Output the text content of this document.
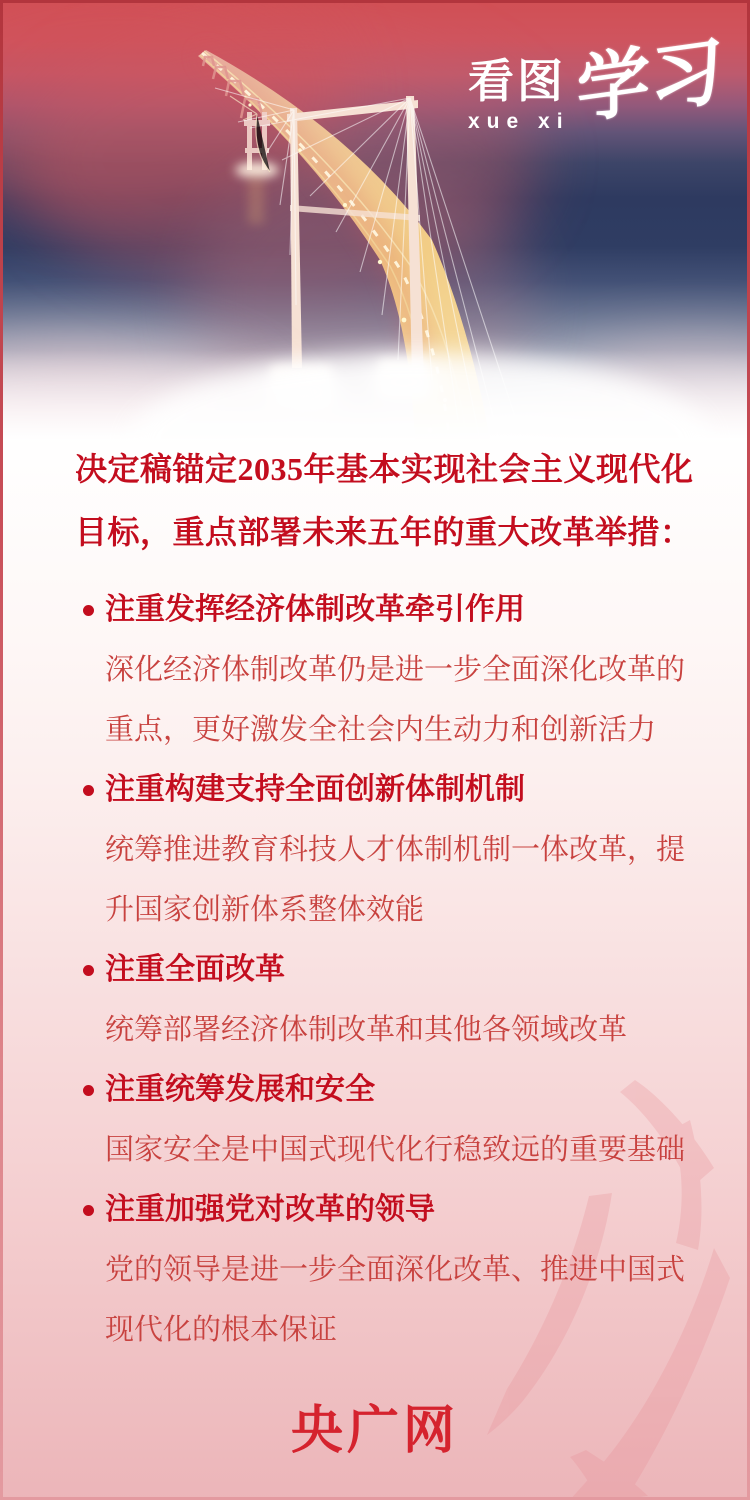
看图
xue xi 学习
决定稿锚定2035年基本实现社会主义现代化目标，重点部署未来五年的重大改革举措：
注重发挥经济体制改革牵引作用

深化经济体制改革仍是进一步全面深化改革的重点，更好激发全社会内生动力和创新活力

注重构建支持全面创新体制机制

统筹推进教育科技人才体制机制一体改革，提升国家创新体系整体效能

注重全面改革

统筹部署经济体制改革和其他各领域改革

注重统筹发展和安全

国家安全是中国式现代化行稳致远的重要基础

注重加强党对改革的领导

党的领导是进一步全面深化改革、推进中国式现代化的根本保证

央广网
